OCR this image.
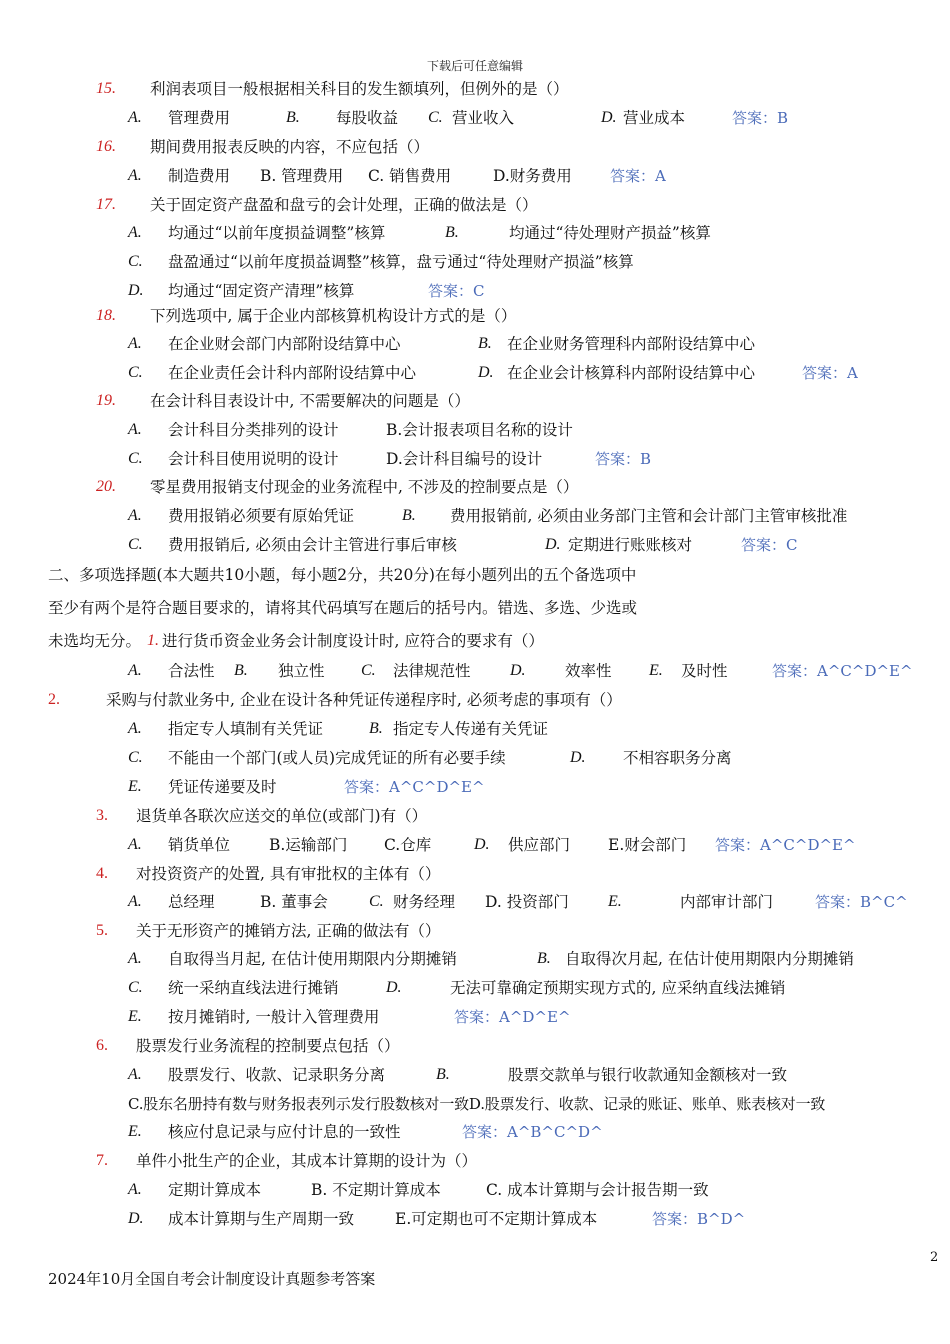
下载后可任意编辑
15. 利润表项目一般根据相关科目的发生额填列，但例外的是（）
A. 管理费用	B. 每股收益 C. 营业收入	D. 营业成本	答案：B
16. 期间费用报表反映的内容，不应包括（）
A. 制造费用 B. 管理费用 C. 销售费用	D.财务费用	答案：A
17. 关于固定资产盘盈和盘亏的会计处理，正确的做法是（）
A. 均通过“以前年度损益调整”核算	B.	均通过“待处理财产损益”核算
C. 盘盈通过“以前年度损益调整”核算，盘亏通过“待处理财产损溢”核算
D. 均通过“固定资产清理”核算	答案：C
18. 下列选项中, 属于企业内部核算机构设计方式的是（）
A. 在企业财会部门内部附设结算中心	B. 在企业财务管理科内部附设结算中心
C. 在企业责任会计科内部附设结算中心	D. 在企业会计核算科内部附设结算中心	答案：A
19. 在会计科目表设计中, 不需要解决的问题是（）
A. 会计科目分类排列的设计	B.会计报表项目名称的设计
C. 会计科目使用说明的设计	D.会计科目编号的设计	答案：B
20. 零星费用报销支付现金的业务流程中, 不涉及的控制要点是（）
A. 费用报销必须要有原始凭证	B. 费用报销前, 必须由业务部门主管和会计部门主管审核批准
C. 费用报销后, 必须由会计主管进行事后审核	D. 定期进行账账核对	答案：C
二、多项选择题(本大题共10小题，每小题2分，共20分)在每小题列出的五个备选项中
至少有两个是符合题目要求的，请将其代码填写在题后的括号内。错选、多选、少选或
未选均无分。 1. 进行货币资金业务会计制度设计时, 应符合的要求有（）
A. 合法性 B. 独立性 C. 法律规范性 D.	效率性 E. 及时性	答案：A^C^D^E^
2.	采购与付款业务中, 企业在设计各种凭证传递程序时, 必须考虑的事项有（）
A. 指定专人填制有关凭证	B. 指定专人传递有关凭证
C. 不能由一个部门(或人员)完成凭证的所有必要手续	D. 不相容职务分离
E. 凭证传递要及时	答案：A^C^D^E^
3. 退货单各联次应送交的单位(或部门)有（）
A. 销货单位	B.运输部门 C.仓库	D. 供应部门 E.财会部门 答案：A^C^D^E^
4. 对投资资产的处置, 具有审批权的主体有（）
A. 总经理	B. 董事会	C. 财务经理 D. 投资部门 E.	内部审计部门	答案：B^C^
5. 关于无形资产的摊销方法, 正确的做法有（）
A. 自取得当月起, 在估计使用期限内分期摊销	B. 自取得次月起, 在估计使用期限内分期摊销
C. 统一采纳直线法进行摊销	D.	无法可靠确定预期实现方式的, 应采纳直线法摊销
E. 按月摊销时, 一般计入管理费用	答案：A^D^E^
6. 股票发行业务流程的控制要点包括（）
A. 股票发行、收款、记录职务分离	B.	股票交款单与银行收款通知金额核对一致
C.股东名册持有数与财务报表列示发行股数核对一致D.股票发行、收款、记录的账证、账单、账表核对一致
E. 核应付息记录与应付计息的一致性	答案：A^B^C^D^
7. 单件小批生产的企业，其成本计算期的设计为（）
A. 定期计算成本	B. 不定期计算成本	C. 成本计算期与会计报告期一致
D. 成本计算期与生产周期一致	E.可定期也可不定期计算成本	答案：B^D^
2
2024年10月全国自考会计制度设计真题参考答案
